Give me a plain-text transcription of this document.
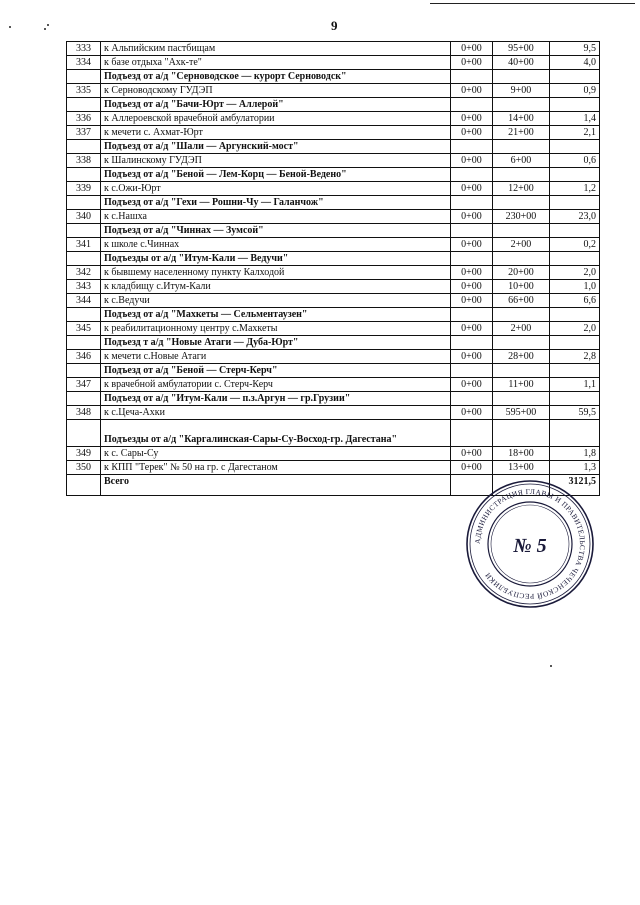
9
333	к Альпийским пастбищам	0+00	95+00	9,5
334	к базе отдыха "Ахк-те"	0+00	40+00	4,0
	Подъезд от а/д "Серноводское — курорт Серноводск"			
335	к Серноводскому ГУДЭП	0+00	9+00	0,9
	Подъезд от а/д "Бачи-Юрт — Аллерой"			
336	к Аллероевской врачебной амбулатории	0+00	14+00	1,4
337	к мечети с. Ахмат-Юрт	0+00	21+00	2,1
	Подъезд от а/д "Шали — Аргунский-мост"			
338	к Шалинскому ГУДЭП	0+00	6+00	0,6
	Подъезд от а/д "Беной — Лем-Корц — Беной-Ведено"			
339	к с.Ожи-Юрт	0+00	12+00	1,2
	Подъезд от а/д "Гехи — Рошни-Чу — Галанчож"			
340	к с.Нашха	0+00	230+00	23,0
	Подъезд от а/д "Чиннах — Зумсой"			
341	к школе с.Чиннах	0+00	2+00	0,2
	Подъезды от а/д "Итум-Кали — Ведучи"			
342	к бывшему населенному пункту Калходой	0+00	20+00	2,0
343	к кладбищу с.Итум-Кали	0+00	10+00	1,0
344	к с.Ведучи	0+00	66+00	6,6
	Подъезд от а/д "Махкеты — Сельментаузен"			
345	к реабилитационному центру с.Махкеты	0+00	2+00	2,0
	Подъезд т а/д "Новые Атаги — Дуба-Юрт"			
346	к мечети с.Новые Атаги	0+00	28+00	2,8
	Подъезд от а/д "Беной — Стерч-Керч"			
347	к врачебной амбулатории с. Стерч-Керч	0+00	11+00	1,1
	Подъезд от а/д "Итум-Кали — п.з.Аргун — гр.Грузии"			
348	к с.Цеча-Ахки	0+00	595+00	59,5
	Подъезды от а/д "Каргалинская-Сары-Су-Восход-гр. Дагестана"			
349	к с. Сары-Су	0+00	18+00	1,8
350	к КПП "Терек" № 50 на гр. с Дагестаном	0+00	13+00	1,3
	Всего			3121,5
АДМИНИСТРАЦИЯ ГЛАВЫ И ПРАВИТЕЛЬСТВА ЧЕЧЕНСКОЙ РЕСПУБЛИКИ
№ 5
